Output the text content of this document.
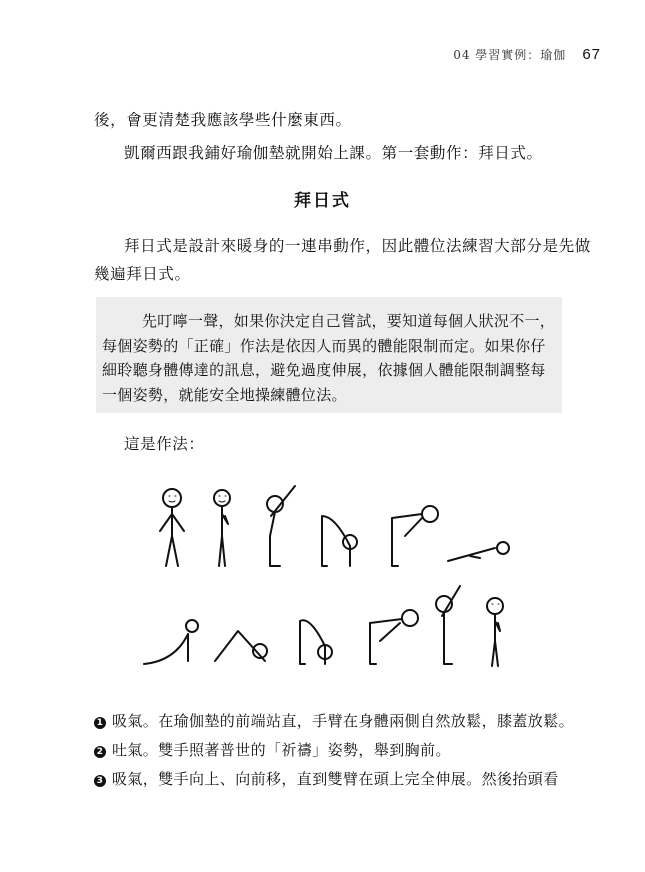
04 學習實例：瑜伽 67
後，會更清楚我應該學些什麼東西。
凱爾西跟我鋪好瑜伽墊就開始上課。第一套動作：拜日式。
拜日式
拜日式是設計來暖身的一連串動作，因此體位法練習大部分是先做
幾遍拜日式。
先叮嚀一聲，如果你決定自己嘗試，要知道每個人狀況不一，
每個姿勢的「正確」作法是依因人而異的體能限制而定。如果你仔
細聆聽身體傳達的訊息，避免過度伸展，依據個人體能限制調整每
一個姿勢，就能安全地操練體位法。
這是作法：
1 吸氣。在瑜伽墊的前端站直，手臂在身體兩側自然放鬆，膝蓋放鬆。
2 吐氣。雙手照著普世的「祈禱」姿勢，舉到胸前。
3 吸氣，雙手向上、向前移，直到雙臂在頭上完全伸展。然後抬頭看
